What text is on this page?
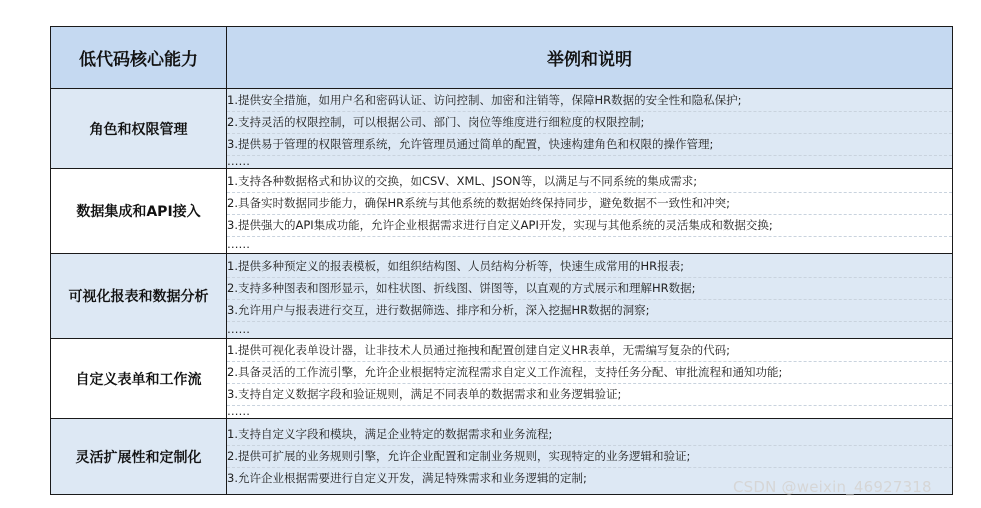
低代码核心能力	举例和说明
角色和权限管理	1.提供安全措施，如用户名和密码认证、访问控制、加密和注销等，保障HR数据的安全性和隐私保护;
2.支持灵活的权限控制，可以根据公司、部门、岗位等维度进行细粒度的权限控制;
3.提供易于管理的权限管理系统，允许管理员通过简单的配置，快速构建角色和权限的操作管理;
……

数据集成和API接入	1.支持各种数据格式和协议的交换，如CSV、XML、JSON等，以满足与不同系统的集成需求;
2.具备实时数据同步能力，确保HR系统与其他系统的数据始终保持同步，避免数据不一致性和冲突;
3.提供强大的API集成功能，允许企业根据需求进行自定义API开发，实现与其他系统的灵活集成和数据交换;
……

可视化报表和数据分析	1.提供多种预定义的报表模板，如组织结构图、人员结构分析等，快速生成常用的HR报表;
2.支持多种图表和图形显示，如柱状图、折线图、饼图等，以直观的方式展示和理解HR数据;
3.允许用户与报表进行交互，进行数据筛选、排序和分析，深入挖掘HR数据的洞察;
……

自定义表单和工作流	1.提供可视化表单设计器，让非技术人员通过拖拽和配置创建自定义HR表单，无需编写复杂的代码;
2.具备灵活的工作流引擎，允许企业根据特定流程需求自定义工作流程，支持任务分配、审批流程和通知功能;
3.支持自定义数据字段和验证规则，满足不同表单的数据需求和业务逻辑验证;
……

灵活扩展性和定制化	1.支持自定义字段和模块，满足企业特定的数据需求和业务流程;
2.提供可扩展的业务规则引擎，允许企业配置和定制业务规则，实现特定的业务逻辑和验证;
3.允许企业根据需要进行自定义开发，满足特殊需求和业务逻辑的定制;
CSDN @weixin_46927318
